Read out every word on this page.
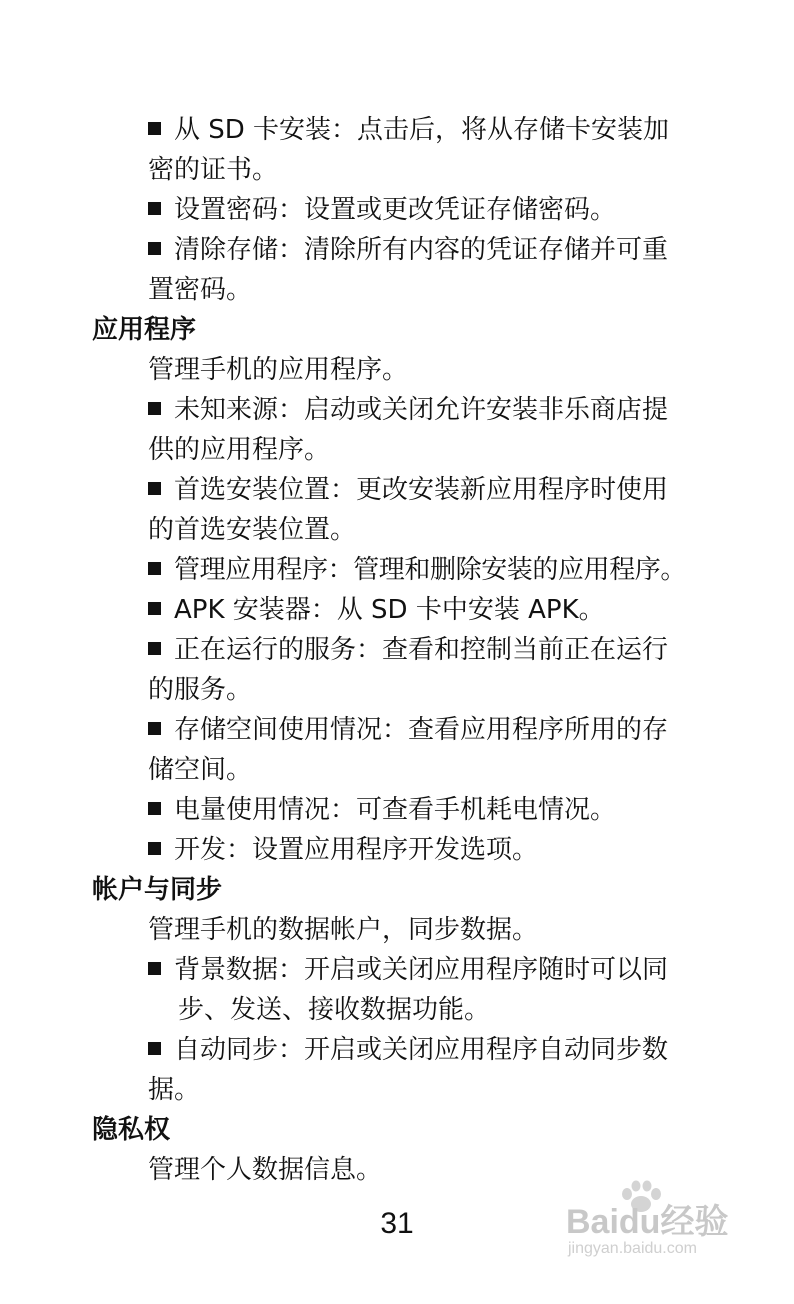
从 SD 卡安装：点击后，将从存储卡安装加
密的证书。
设置密码：设置或更改凭证存储密码。
清除存储：清除所有内容的凭证存储并可重
置密码。
应用程序
管理手机的应用程序。
未知来源：启动或关闭允许安装非乐商店提
供的应用程序。
首选安装位置：更改安装新应用程序时使用
的首选安装位置。
管理应用程序：管理和删除安装的应用程序。
APK 安装器：从 SD 卡中安装 APK。
正在运行的服务：查看和控制当前正在运行
的服务。
存储空间使用情况：查看应用程序所用的存
储空间。
电量使用情况：可查看手机耗电情况。
开发：设置应用程序开发选项。
帐户与同步
管理手机的数据帐户，同步数据。
背景数据：开启或关闭应用程序随时可以同
步、发送、接收数据功能。
自动同步：开启或关闭应用程序自动同步数
据。
隐私权
管理个人数据信息。
31	Baidu经验
jingyan.baidu.com
